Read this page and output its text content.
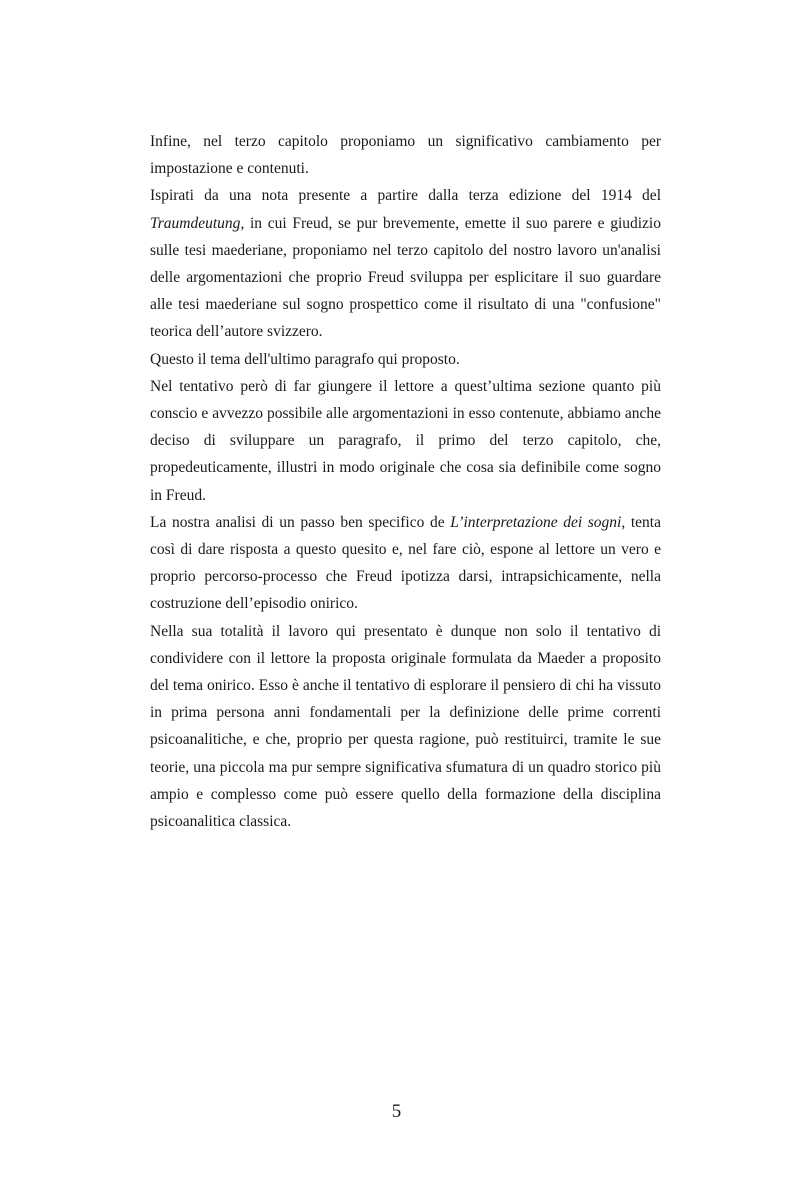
Infine, nel terzo capitolo proponiamo un significativo cambiamento per impostazione e contenuti.

Ispirati da una nota presente a partire dalla terza edizione del 1914 del Traumdeutung, in cui Freud, se pur brevemente, emette il suo parere e giudizio sulle tesi maederiane, proponiamo nel terzo capitolo del nostro lavoro un'analisi delle argomentazioni che proprio Freud sviluppa per esplicitare il suo guardare alle tesi maederiane sul sogno prospettico come il risultato di una "confusione" teorica dell’autore svizzero.

Questo il tema dell'ultimo paragrafo qui proposto.

Nel tentativo però di far giungere il lettore a quest’ultima sezione quanto più conscio e avvezzo possibile alle argomentazioni in esso contenute, abbiamo anche deciso di sviluppare un paragrafo, il primo del terzo capitolo, che, propedeuticamente, illustri in modo originale che cosa sia definibile come sogno in Freud.

La nostra analisi di un passo ben specifico de L’interpretazione dei sogni, tenta così di dare risposta a questo quesito e, nel fare ciò, espone al lettore un vero e proprio percorso-processo che Freud ipotizza darsi, intrapsichicamente, nella costruzione dell’episodio onirico.

Nella sua totalità il lavoro qui presentato è dunque non solo il tentativo di condividere con il lettore la proposta originale formulata da Maeder a proposito del tema onirico. Esso è anche il tentativo di esplorare il pensiero di chi ha vissuto in prima persona anni fondamentali per la definizione delle prime correnti psicoanalitiche, e che, proprio per questa ragione, può restituirci, tramite le sue teorie, una piccola ma pur sempre significativa sfumatura di un quadro storico più ampio e complesso come può essere quello della formazione della disciplina psicoanalitica classica.

5
